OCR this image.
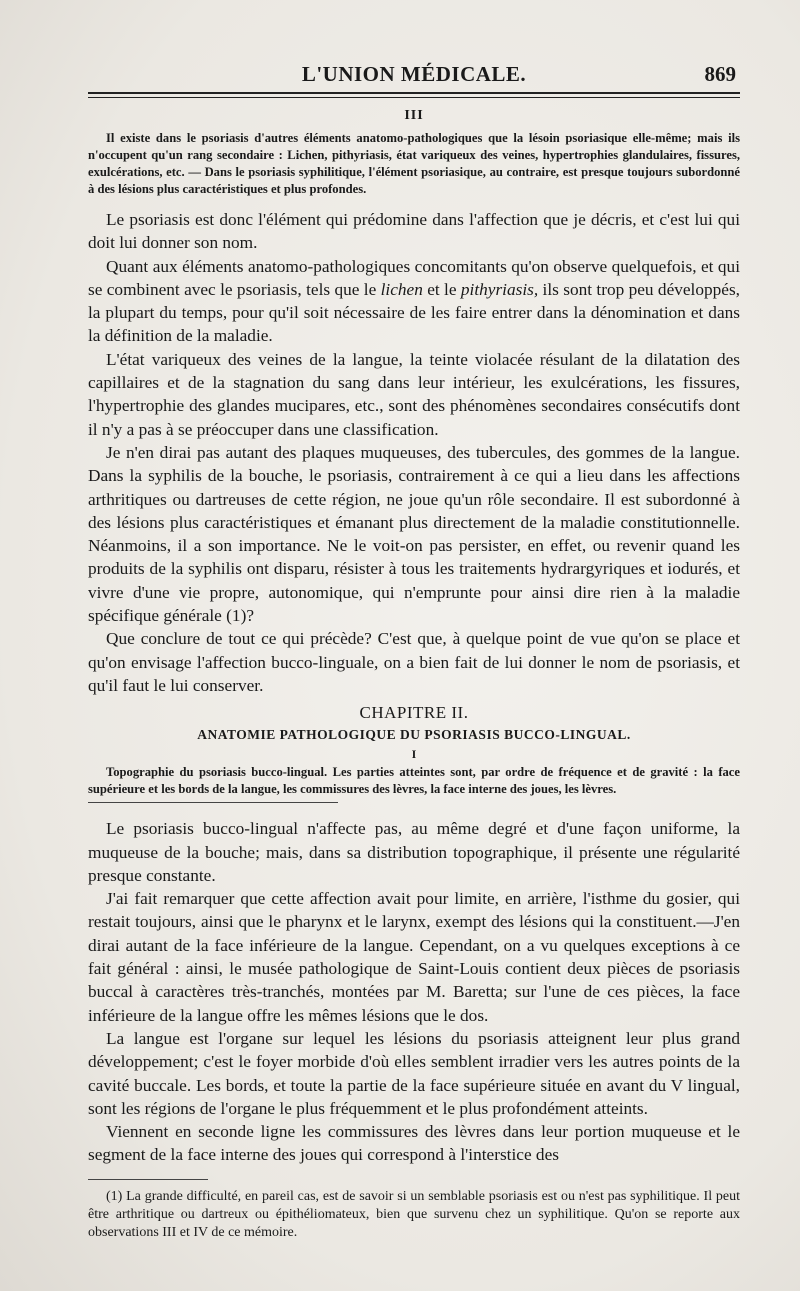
L'UNION MÉDICALE.	869
III

Il existe dans le psoriasis d'autres éléments anatomo-pathologiques que la lésoin psoriasique elle-même; mais ils n'occupent qu'un rang secondaire : Lichen, pithyriasis, état variqueux des veines, hypertrophies glandulaires, fissures, exulcérations, etc. — Dans le psoriasis syphilitique, l'élément psoriasique, au contraire, est presque toujours subordonné à des lésions plus caractéristiques et plus profondes.

Le psoriasis est donc l'élément qui prédomine dans l'affection que je décris, et c'est lui qui doit lui donner son nom.

Quant aux éléments anatomo-pathologiques concomitants qu'on observe quelquefois, et qui se combinent avec le psoriasis, tels que le lichen et le pithyriasis, ils sont trop peu développés, la plupart du temps, pour qu'il soit nécessaire de les faire entrer dans la dénomination et dans la définition de la maladie.

L'état variqueux des veines de la langue, la teinte violacée résulant de la dilatation des capillaires et de la stagnation du sang dans leur intérieur, les exulcérations, les fissures, l'hypertrophie des glandes mucipares, etc., sont des phénomènes secondaires consécutifs dont il n'y a pas à se préoccuper dans une classification.

Je n'en dirai pas autant des plaques muqueuses, des tubercules, des gommes de la langue. Dans la syphilis de la bouche, le psoriasis, contrairement à ce qui a lieu dans les affections arthritiques ou dartreuses de cette région, ne joue qu'un rôle secondaire. Il est subordonné à des lésions plus caractéristiques et émanant plus directement de la maladie constitutionnelle. Néanmoins, il a son importance. Ne le voit-on pas persister, en effet, ou revenir quand les produits de la syphilis ont disparu, résister à tous les traitements hydrargyriques et iodurés, et vivre d'une vie propre, autonomique, qui n'emprunte pour ainsi dire rien à la maladie spécifique générale (1)?

Que conclure de tout ce qui précède? C'est que, à quelque point de vue qu'on se place et qu'on envisage l'affection bucco-linguale, on a bien fait de lui donner le nom de psoriasis, et qu'il faut le lui conserver.

CHAPITRE II.
ANATOMIE PATHOLOGIQUE DU PSORIASIS BUCCO-LINGUAL.
I

Topographie du psoriasis bucco-lingual. Les parties atteintes sont, par ordre de fréquence et de gravité : la face supérieure et les bords de la langue, les commissures des lèvres, la face interne des joues, les lèvres.

Le psoriasis bucco-lingual n'affecte pas, au même degré et d'une façon uniforme, la muqueuse de la bouche; mais, dans sa distribution topographique, il présente une régularité presque constante.

J'ai fait remarquer que cette affection avait pour limite, en arrière, l'isthme du gosier, qui restait toujours, ainsi que le pharynx et le larynx, exempt des lésions qui la constituent.—J'en dirai autant de la face inférieure de la langue. Cependant, on a vu quelques exceptions à ce fait général : ainsi, le musée pathologique de Saint-Louis contient deux pièces de psoriasis buccal à caractères très-tranchés, montées par M. Baretta; sur l'une de ces pièces, la face inférieure de la langue offre les mêmes lésions que le dos.

La langue est l'organe sur lequel les lésions du psoriasis atteignent leur plus grand développement; c'est le foyer morbide d'où elles semblent irradier vers les autres points de la cavité buccale. Les bords, et toute la partie de la face supérieure située en avant du V lingual, sont les régions de l'organe le plus fréquemment et le plus profondément atteints.

Viennent en seconde ligne les commissures des lèvres dans leur portion muqueuse et le segment de la face interne des joues qui correspond à l'interstice des

(1) La grande difficulté, en pareil cas, est de savoir si un semblable psoriasis est ou n'est pas syphilitique. Il peut être arthritique ou dartreux ou épithéliomateux, bien que survenu chez un syphilitique. Qu'on se reporte aux observations III et IV de ce mémoire.
